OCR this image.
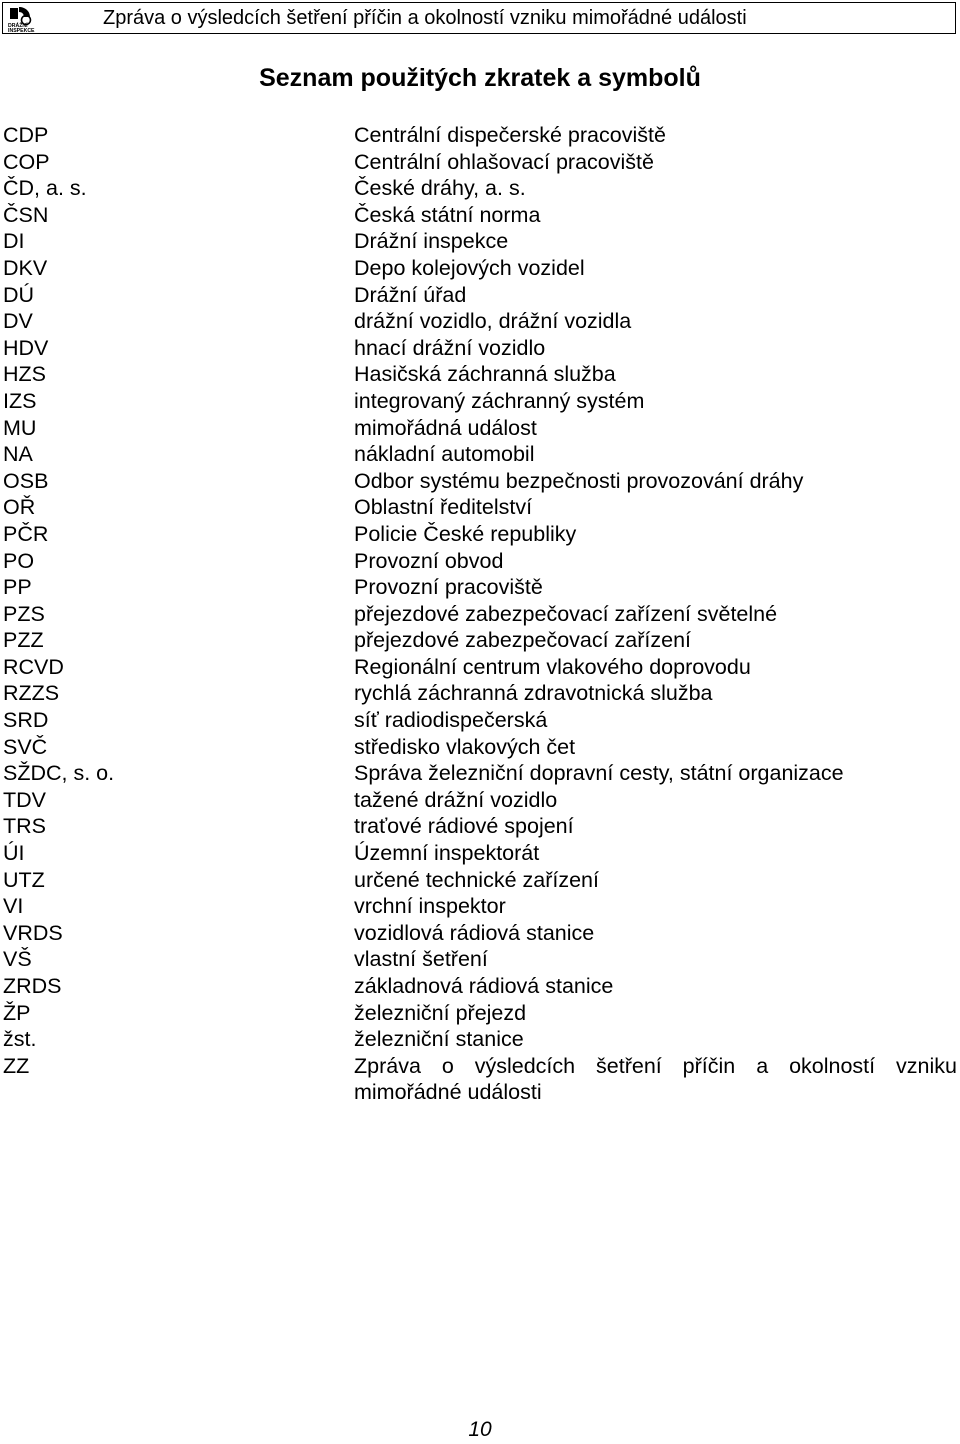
DRÁŽNÍ
INSPEKCE
Zpráva o výsledcích šetření příčin a okolností vzniku mimořádné události
Seznam použitých zkratek a symbolů
CDP	Centrální dispečerské pracoviště
COP	Centrální ohlašovací pracoviště
ČD, a. s.	České dráhy, a. s.
ČSN	Česká státní norma
DI	Drážní inspekce
DKV	Depo kolejových vozidel
DÚ	Drážní úřad
DV	drážní vozidlo, drážní vozidla
HDV	hnací drážní vozidlo
HZS	Hasičská záchranná služba
IZS	integrovaný záchranný systém
MU	mimořádná událost
NA	nákladní automobil
OSB	Odbor systému bezpečnosti provozování dráhy
OŘ	Oblastní ředitelství
PČR	Policie České republiky
PO	Provozní obvod
PP	Provozní pracoviště
PZS	přejezdové zabezpečovací zařízení světelné
PZZ	přejezdové zabezpečovací zařízení
RCVD	Regionální centrum vlakového doprovodu
RZZS	rychlá záchranná zdravotnická služba
SRD	síť radiodispečerská
SVČ	středisko vlakových čet
SŽDC, s. o.	Správa železniční dopravní cesty, státní organizace
TDV	tažené drážní vozidlo
TRS	traťové rádiové spojení
ÚI	Územní inspektorát
UTZ	určené technické zařízení
VI	vrchní inspektor
VRDS	vozidlová rádiová stanice
VŠ	vlastní šetření
ZRDS	základnová rádiová stanice
ŽP	železniční přejezd
žst.	železniční stanice
ZZ	Zpráva o výsledcích šetření příčin a okolností vzniku mimořádné události
10
